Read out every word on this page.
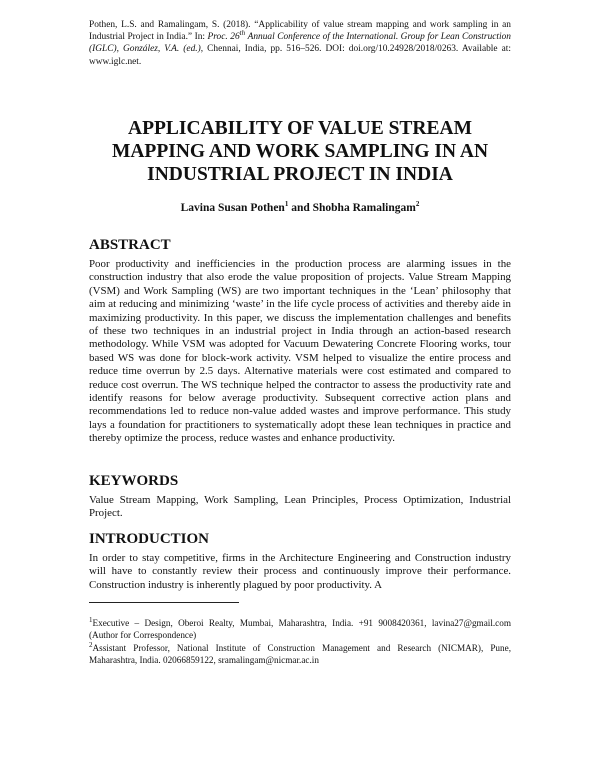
Pothen, L.S. and Ramalingam, S. (2018). “Applicability of value stream mapping and work sampling in an Industrial Project in India.” In: Proc. 26th Annual Conference of the International. Group for Lean Construction (IGLC), González, V.A. (ed.), Chennai, India, pp. 516–526. DOI: doi.org/10.24928/2018/0263. Available at: www.iglc.net.
APPLICABILITY OF VALUE STREAM MAPPING AND WORK SAMPLING IN AN INDUSTRIAL PROJECT IN INDIA
Lavina Susan Pothen$^1$ and Shobha Ramalingam$^2$
ABSTRACT
Poor productivity and inefficiencies in the production process are alarming issues in the construction industry that also erode the value proposition of projects. Value Stream Mapping (VSM) and Work Sampling (WS) are two important techniques in the ‘Lean’ philosophy that aim at reducing and minimizing ‘waste’ in the life cycle process of activities and thereby aide in maximizing productivity. In this paper, we discuss the implementation challenges and benefits of these two techniques in an industrial project in India through an action-based research methodology. While VSM was adopted for Vacuum Dewatering Concrete Flooring works, tour based WS was done for block-work activity. VSM helped to visualize the entire process and reduce time overrun by 2.5 days. Alternative materials were cost estimated and compared to reduce cost overrun. The WS technique helped the contractor to assess the productivity rate and identify reasons for below average productivity. Subsequent corrective action plans and recommendations led to reduce non-value added wastes and improve performance. This study lays a foundation for practitioners to systematically adopt these lean techniques in practice and thereby optimize the process, reduce wastes and enhance productivity.
KEYWORDS
Value Stream Mapping, Work Sampling, Lean Principles, Process Optimization, Industrial Project.
INTRODUCTION
In order to stay competitive, firms in the Architecture Engineering and Construction industry will have to constantly review their process and continuously improve their performance. Construction industry is inherently plagued by poor productivity. A
$^1$Executive – Design, Oberoi Realty, Mumbai, Maharashtra, India. +91 9008420361, lavina27@gmail.com (Author for Correspondence)
$^2$Assistant Professor, National Institute of Construction Management and Research (NICMAR), Pune, Maharashtra, India. 02066859122, sramalingam@nicmar.ac.in
